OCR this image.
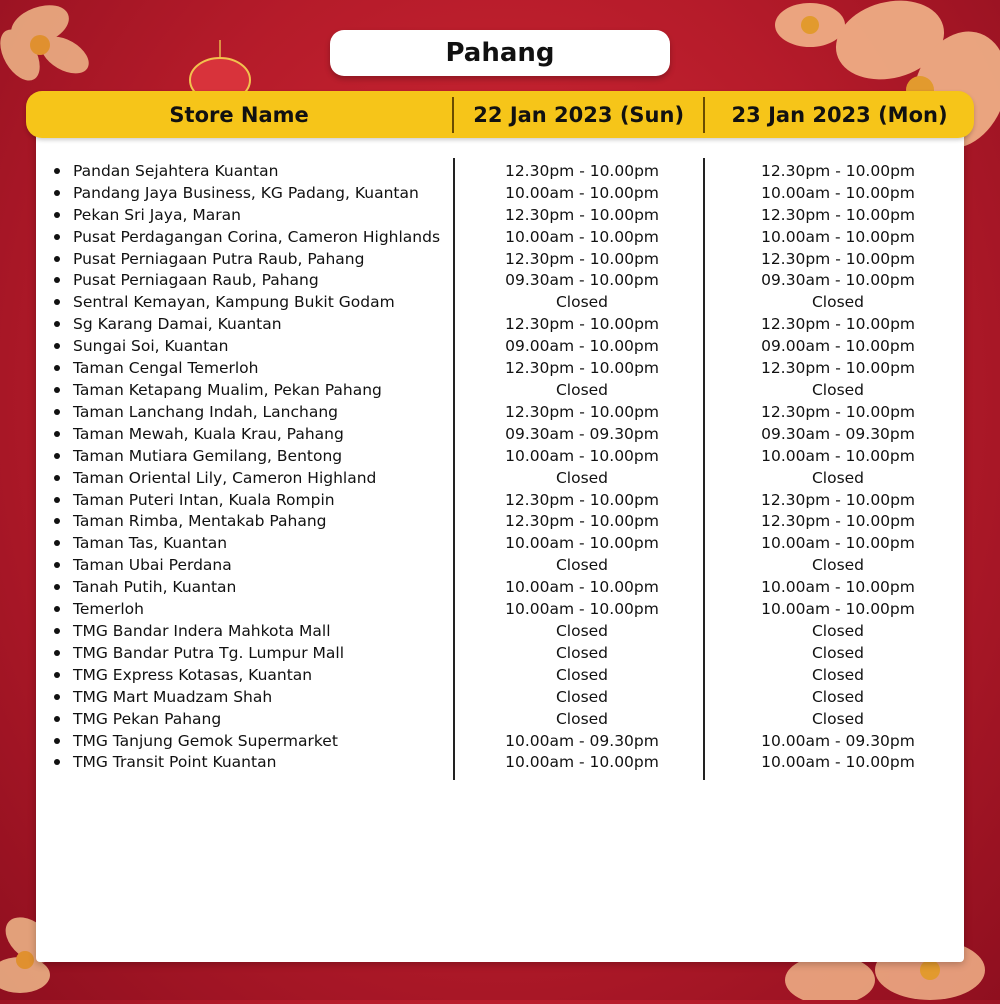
Pahang
Store Name	22 Jan 2023 (Sun)	23 Jan 2023 (Mon)
Pandan Sejahtera Kuantan	12.30pm - 10.00pm	12.30pm - 10.00pm
Pandang Jaya Business, KG Padang, Kuantan	10.00am - 10.00pm	10.00am - 10.00pm
Pekan Sri Jaya, Maran	12.30pm - 10.00pm	12.30pm - 10.00pm
Pusat Perdagangan Corina, Cameron Highlands	10.00am - 10.00pm	10.00am - 10.00pm
Pusat Perniagaan Putra Raub, Pahang	12.30pm - 10.00pm	12.30pm - 10.00pm
Pusat Perniagaan Raub, Pahang	09.30am - 10.00pm	09.30am - 10.00pm
Sentral Kemayan, Kampung Bukit Godam	Closed	Closed
Sg Karang Damai, Kuantan	12.30pm - 10.00pm	12.30pm - 10.00pm
Sungai Soi, Kuantan	09.00am - 10.00pm	09.00am - 10.00pm
Taman Cengal Temerloh	12.30pm - 10.00pm	12.30pm - 10.00pm
Taman Ketapang Mualim, Pekan Pahang	Closed	Closed
Taman Lanchang Indah, Lanchang	12.30pm - 10.00pm	12.30pm - 10.00pm
Taman Mewah, Kuala Krau, Pahang	09.30am - 09.30pm	09.30am - 09.30pm
Taman Mutiara Gemilang, Bentong	10.00am - 10.00pm	10.00am - 10.00pm
Taman Oriental Lily, Cameron Highland	Closed	Closed
Taman Puteri Intan, Kuala Rompin	12.30pm - 10.00pm	12.30pm - 10.00pm
Taman Rimba, Mentakab Pahang	12.30pm - 10.00pm	12.30pm - 10.00pm
Taman Tas, Kuantan	10.00am - 10.00pm	10.00am - 10.00pm
Taman Ubai Perdana	Closed	Closed
Tanah Putih, Kuantan	10.00am - 10.00pm	10.00am - 10.00pm
Temerloh	10.00am - 10.00pm	10.00am - 10.00pm
TMG Bandar Indera Mahkota Mall	Closed	Closed
TMG Bandar Putra Tg. Lumpur Mall	Closed	Closed
TMG Express Kotasas, Kuantan	Closed	Closed
TMG Mart Muadzam Shah	Closed	Closed
TMG Pekan Pahang	Closed	Closed
TMG Tanjung Gemok Supermarket	10.00am - 09.30pm	10.00am - 09.30pm
TMG Transit Point Kuantan	10.00am - 10.00pm	10.00am - 10.00pm
